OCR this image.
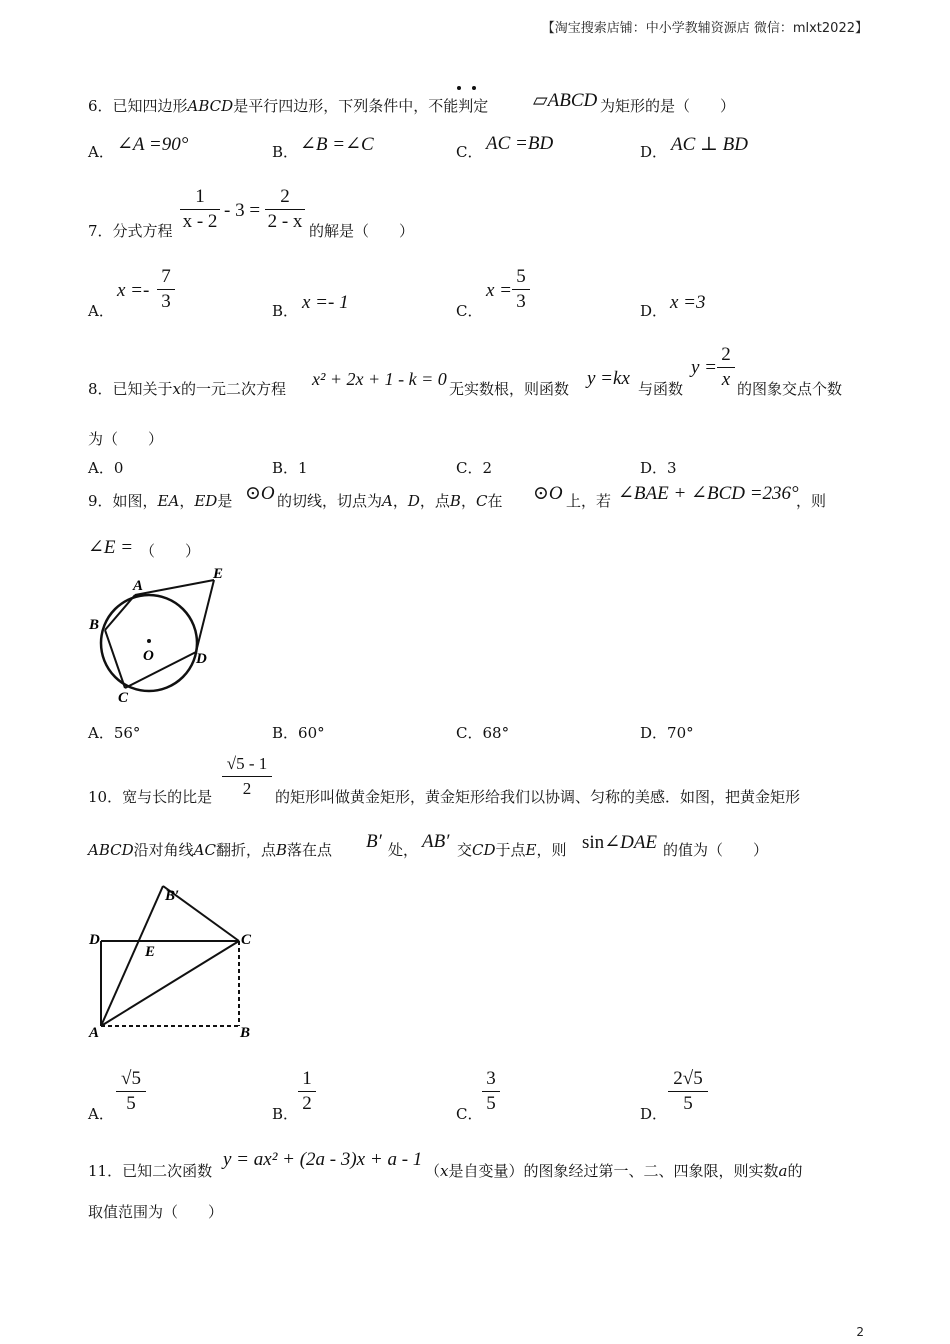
【淘宝搜索店铺：中小学教辅资源店 微信：mlxt2022】
6．已知四边形ABCD是平行四边形，下列条件中，不能判定 ▱ABCD 为矩形的是（　　）
A． ∠A =90°	B． ∠B =∠C	C． AC =BD	D． AC ⊥ BD
7．分式方程
1
x - 2
- 3 =
2
2 - x 的解是（　　）
A．
x =-
7
3	B． x =- 1	C．
x =
5
3	D． x =3
8．已知关于x的一元二次方程 x² + 2x + 1 - k = 0 无实数根，则函数 y =kx 与函数
y =
2
x 的图象交点个数
为（　　）
A．0	B．1	C．2	D．3
9．如图，EA，ED是 ⊙O 的切线，切点为A，D，点B，C在 ⊙O 上，若 ∠BAE + ∠BCD =236°
，则
∠E = （　　）
A
E
B
D
C
O
A．56°	B．60°	C．68°	D．70°
10．宽与长的比是
√5 - 1
2	的矩形叫做黄金矩形，黄金矩形给我们以协调、匀称的美感．如图，把黄金矩形
ABCD沿对角线AC翻折，点B落在点 B′ 处， AB′ 交CD于点E，则 sin∠DAE 的值为（　　）
B′
D
E
C
A	B
A．
√5
5	B．
1
2	C．
3
5	D．
2√5
5
11．已知二次函数
y = ax² + (2a - 3)x + a - 1
（x是自变量）的图象经过第一、二、四象限，则实数a的
取值范围为（　　）
2
